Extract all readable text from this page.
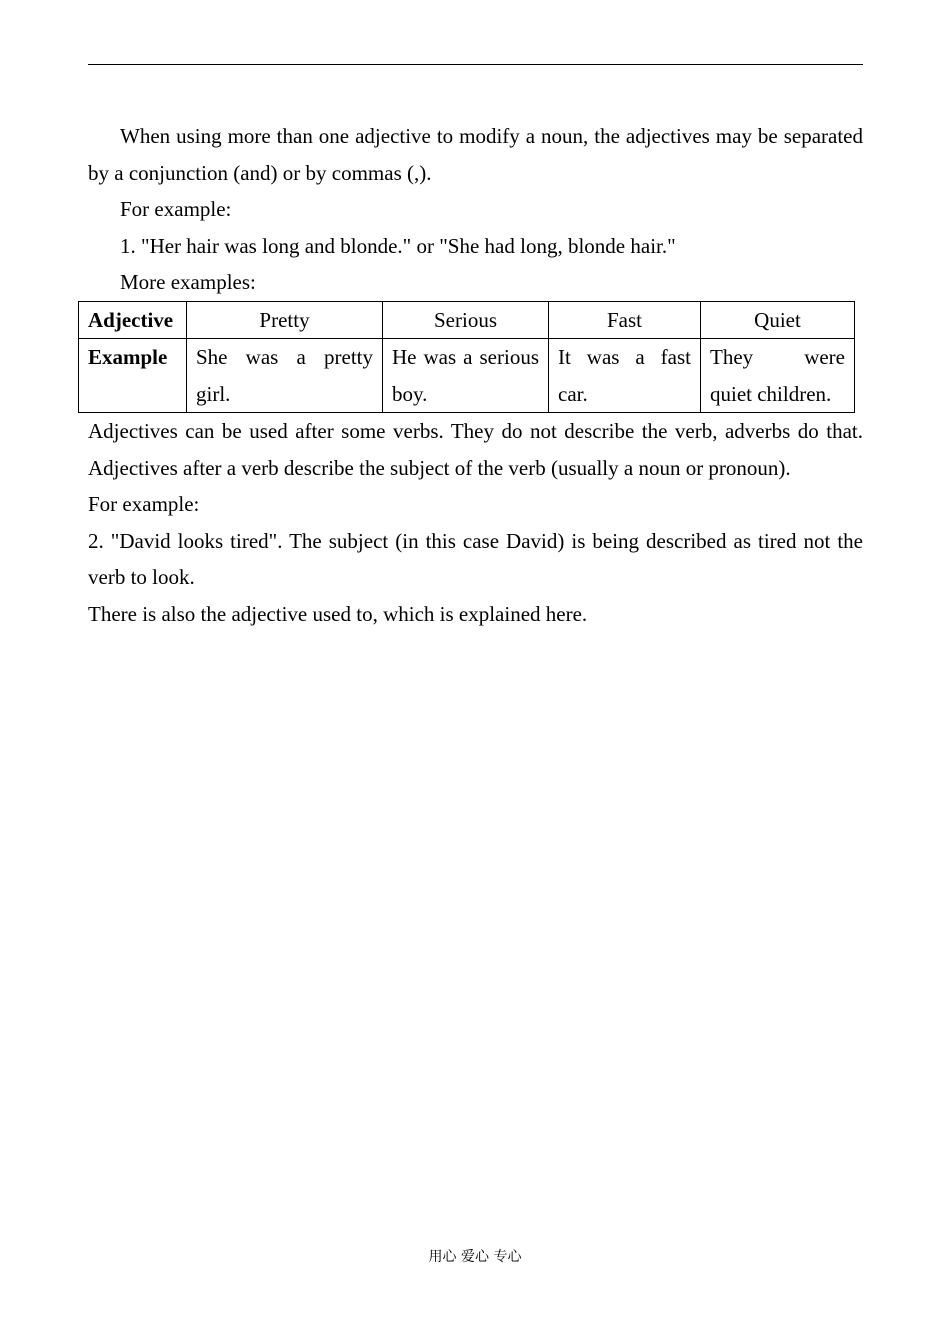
When using more than one adjective to modify a noun, the adjectives may be separated by a conjunction (and) or by commas (,).

For example:

1. "Her hair was long and blonde." or "She had long, blonde hair."

More examples:

Adjective	Pretty	Serious	Fast	Quiet
Example	She was a pretty girl.	He was a serious boy.	It was a fast car.	They were quiet children.

Adjectives can be used after some verbs. They do not describe the verb, adverbs do that. Adjectives after a verb describe the subject of the verb (usually a noun or pronoun).

For example:

2. "David looks tired". The subject (in this case David) is being described as tired not the verb to look.

There is also the adjective used to, which is explained here.

用心 爱心 专心
